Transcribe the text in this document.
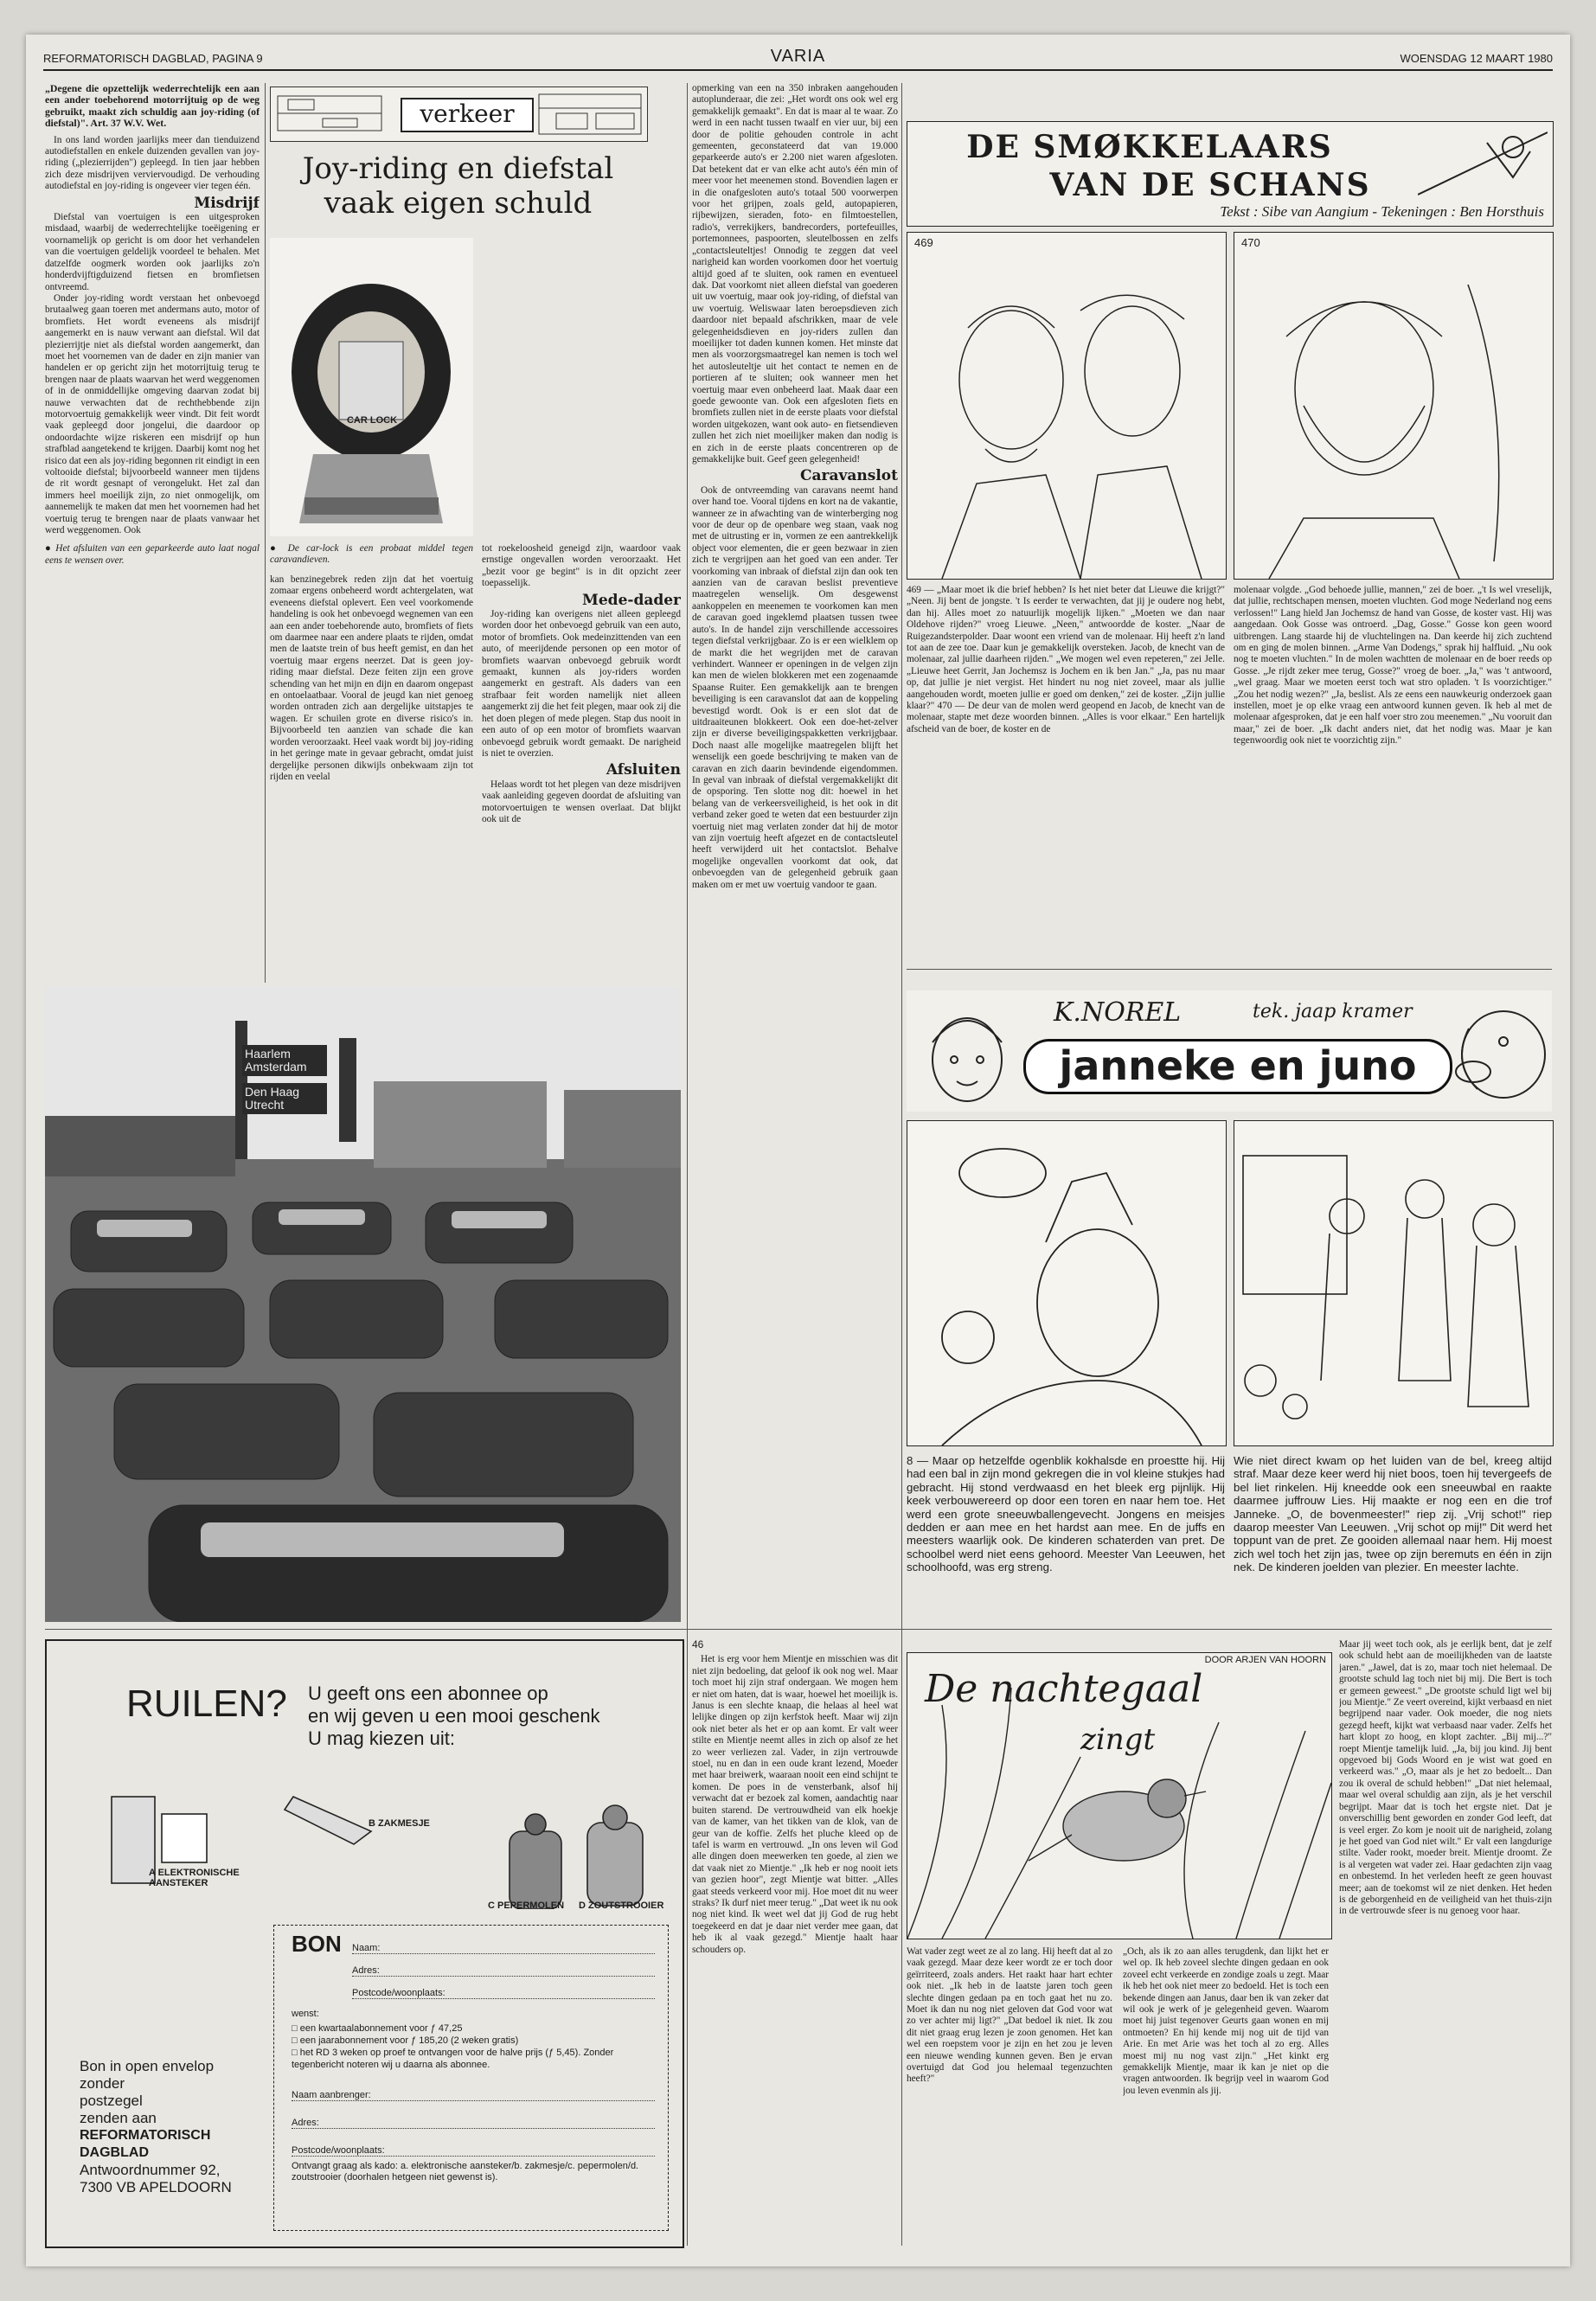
REFORMATORISCH DAGBLAD, PAGINA 9	VARIA	WOENSDAG 12 MAART 1980

„Degene die opzettelijk wederrechtelijk een aan een ander toebehorend motorrijtuig op de weg gebruikt, maakt zich schuldig aan joy-riding (of diefstal)". Art. 37 W.V. Wet.

In ons land worden jaarlijks meer dan tienduizend autodiefstallen en enkele duizenden gevallen van joy-riding („plezierrijden") gepleegd. In tien jaar hebben zich deze misdrijven verviervoudigd. De verhouding autodiefstal en joy-riding is ongeveer vier tegen één.

Misdrijf

Diefstal van voertuigen is een uitgesproken misdaad, waarbij de wederrechtelijke toeëigening er voornamelijk op gericht is om door het verhandelen van die voertuigen geldelijk voordeel te behalen. Met datzelfde oogmerk worden ook jaarlijks zo'n honderdvijftigduizend fietsen en bromfietsen ontvreemd.

Onder joy-riding wordt verstaan het onbevoegd brutaalweg gaan toeren met andermans auto, motor of bromfiets. Het wordt eveneens als misdrijf aangemerkt en is nauw verwant aan diefstal. Wil dat plezierrijtje niet als diefstal worden aangemerkt, dan moet het voornemen van de dader en zijn manier van handelen er op gericht zijn het motorrijtuig terug te brengen naar de plaats waarvan het werd weggenomen of in de onmiddellijke omgeving daarvan zodat bij nauwe verwachten dat de rechthebbende zijn motorvoertuig gemakkelijk weer vindt. Dit feit wordt vaak gepleegd door jongelui, die daardoor op ondoordachte wijze riskeren een misdrijf op hun strafblad aangetekend te krijgen. Daarbij komt nog het risico dat een als joy-riding begonnen rit eindigt in een voltooide diefstal; bijvoorbeeld wanneer men tijdens de rit wordt gesnapt of verongelukt. Het zal dan immers heel moeilijk zijn, zo niet onmogelijk, om aannemelijk te maken dat men het voornemen had het voertuig terug te brengen naar de plaats vanwaar het werd weggenomen. Ook

● Het afsluiten van een geparkeerde auto laat nogal eens te wensen over.

verkeer
Joy-riding en diefstal vaak eigen schuld
CAR LOCK
● De car-lock is een probaat middel tegen caravandieven.

kan benzinegebrek reden zijn dat het voertuig zomaar ergens onbeheerd wordt achtergelaten, wat eveneens diefstal oplevert. Een veel voorkomende handeling is ook het onbevoegd wegnemen van een aan een ander toebehorende auto, bromfiets of fiets om daarmee naar een andere plaats te rijden, omdat men de laatste trein of bus heeft gemist, en dan het voertuig maar ergens neerzet. Dat is geen joy-riding maar diefstal. Deze feiten zijn een grove schending van het mijn en dijn en daarom ongepast en ontoelaatbaar. Vooral de jeugd kan niet genoeg worden ontraden zich aan dergelijke uitstapjes te wagen. Er schuilen grote en diverse risico's in. Bijvoorbeeld ten aanzien van schade die kan worden veroorzaakt. Heel vaak wordt bij joy-riding in het geringe mate in gevaar gebracht, omdat juist dergelijke personen dikwijls onbekwaam zijn tot rijden en veelal

tot roekeloosheid geneigd zijn, waardoor vaak ernstige ongevallen worden veroorzaakt. Het „bezit voor ge begint" is in dit opzicht zeer toepasselijk.

Mede-dader

Joy-riding kan overigens niet alleen gepleegd worden door het onbevoegd gebruik van een auto, motor of bromfiets. Ook medeinzittenden van een auto, of meerijdende personen op een motor of bromfiets waarvan onbevoegd gebruik wordt gemaakt, kunnen als joy-riders worden aangemerkt en gestraft. Als daders van een strafbaar feit worden namelijk niet alleen aangemerkt zij die het feit plegen, maar ook zij die het doen plegen of mede plegen. Stap dus nooit in een auto of op een motor of bromfiets waarvan onbevoegd gebruik wordt gemaakt. De narigheid is niet te overzien.

Afsluiten

Helaas wordt tot het plegen van deze misdrijven vaak aanleiding gegeven doordat de afsluiting van motorvoertuigen te wensen overlaat. Dat blijkt ook uit de

opmerking van een na 350 inbraken aangehouden autoplunderaar, die zei: „Het wordt ons ook wel erg gemakkelijk gemaakt". En dat is maar al te waar. Zo werd in een nacht tussen twaalf en vier uur, bij een door de politie gehouden controle in acht gemeenten, geconstateerd dat van 19.000 geparkeerde auto's er 2.200 niet waren afgesloten. Dat betekent dat er van elke acht auto's één min of meer voor het meenemen stond. Bovendien lagen er in die onafgesloten auto's totaal 500 voorwerpen voor het grijpen, zoals geld, autopapieren, rijbewijzen, sieraden, foto- en filmtoestellen, radio's, verrekijkers, bandrecorders, portefeuilles, portemonnees, paspoorten, sleutelbossen en zelfs „contactsleuteltjes! Onnodig te zeggen dat veel narigheid kan worden voorkomen door het voertuig altijd goed af te sluiten, ook ramen en eventueel dak. Dat voorkomt niet alleen diefstal van goederen uit uw voertuig, maar ook joy-riding, of diefstal van uw voertuig. Weliswaar laten beroepsdieven zich daardoor niet bepaald afschrikken, maar de vele gelegenheidsdieven en joy-riders zullen dan moeilijker tot daden kunnen komen. Het minste dat men als voorzorgsmaatregel kan nemen is toch wel het autosleuteltje uit het contact te nemen en de portieren af te sluiten; ook wanneer men het voertuig maar even onbeheerd laat. Maak daar een goede gewoonte van. Ook een afgesloten fiets en bromfiets zullen niet in de eerste plaats voor diefstal worden uitgekozen, want ook auto- en fietsendieven zullen het zich niet moeilijker maken dan nodig is en zich in de eerste plaats concentreren op de gemakkelijke buit. Geef geen gelegenheid!

Caravanslot

Ook de ontvreemding van caravans neemt hand over hand toe. Vooral tijdens en kort na de vakantie, wanneer ze in afwachting van de winterberging nog voor de deur op de openbare weg staan, vaak nog met de uitrusting er in, vormen ze een aantrekkelijk object voor elementen, die er geen bezwaar in zien zich te vergrijpen aan het goed van een ander. Ter voorkoming van inbraak of diefstal zijn dan ook ten aanzien van de caravan beslist preventieve maatregelen wenselijk. Om desgewenst aankoppelen en meenemen te voorkomen kan men de caravan goed ingeklemd plaatsen tussen twee auto's. In de handel zijn verschillende accessoires tegen diefstal verkrijgbaar. Zo is er een wielklem op de markt die het wegrijden met de caravan verhindert. Wanneer er openingen in de velgen zijn kan men de wielen blokkeren met een zogenaamde Spaanse Ruiter. Een gemakkelijk aan te brengen beveiliging is een caravanslot dat aan de koppeling bevestigd wordt. Ook is er een slot dat de uitdraaiteunen blokkeert. Ook een doe-het-zelver zijn er diverse beveiligingspakketten verkrijgbaar. Doch naast alle mogelijke maatregelen blijft het wenselijk een goede beschrijving te maken van de caravan en zich daarin bevindende eigendommen. In geval van inbraak of diefstal vergemakkelijkt dit de opsporing. Ten slotte nog dit: hoewel in het belang van de verkeersveiligheid, is het ook in dit verband zeker goed te weten dat een bestuurder zijn voertuig niet mag verlaten zonder dat hij de motor van zijn voertuig heeft afgezet en de contactsleutel heeft verwijderd uit het contactslot. Behalve mogelijke ongevallen voorkomt dat ook, dat onbevoegden van de gelegenheid gebruik gaan maken om er met uw voertuig vandoor te gaan.

Haarlem
Amsterdam
Den Haag
Utrecht
DE SMØKKELAARS
VAN DE SCHANS
Tekst : Sibe van Aangium - Tekeningen : Ben Horsthuis
469	470

469 — „Maar moet ik die brief hebben? Is het niet beter dat Lieuwe die krijgt?" „Neen. Jij bent de jongste. 't Is eerder te verwachten, dat jij je oudere nog hebt, dan hij. Alles moet zo natuurlijk mogelijk lijken." „Moeten we dan naar Oldehove rijden?" vroeg Lieuwe. „Neen," antwoordde de koster. „Naar de Ruigezandsterpolder. Daar woont een vriend van de molenaar. Hij heeft z'n land tot aan de zee toe. Daar kun je gemakkelijk oversteken. Jacob, de knecht van de molenaar, zal jullie daarheen rijden." „We mogen wel even repeteren," zei Jelle. „Lieuwe heet Gerrit, Jan Jochemsz is Jochem en ik ben Jan." „Ja, pas nu maar op, dat jullie je niet vergist. Het hindert nu nog niet zoveel, maar als jullie aangehouden wordt, moeten jullie er goed om denken," zei de koster. „Zijn jullie klaar?" 470 — De deur van de molen werd geopend en Jacob, de knecht van de molenaar, stapte met deze woorden binnen. „Alles is voor elkaar." Een hartelijk afscheid van de boer, de koster en de

molenaar volgde. „God behoede jullie, mannen," zei de boer. „'t Is wel vreselijk, dat jullie, rechtschapen mensen, moeten vluchten. God moge Nederland nog eens verlossen!" Lang hield Jan Jochemsz de hand van Gosse, de koster vast. Hij was aangedaan. Ook Gosse was ontroerd. „Dag, Gosse." Gosse kon geen woord uitbrengen. Lang staarde hij de vluchtelingen na. Dan keerde hij zich zuchtend om en ging de molen binnen. „Arme Van Dodengs," sprak hij halfluid. „Nu ook nog te moeten vluchten." In de molen wachtten de molenaar en de boer reeds op Gosse. „Je rijdt zeker mee terug, Gosse?" vroeg de boer. „Ja," was 't antwoord, „wel graag. Maar we moeten eerst toch wat stro opladen. 't Is voorzichtiger." „Zou het nodig wezen?" „Ja, beslist. Als ze eens een nauwkeurig onderzoek gaan instellen, moet je op elke vraag een antwoord kunnen geven. Ik heb al met de molenaar afgesproken, dat je een half voer stro zou meenemen." „Nu vooruit dan maar," zei de boer. „Ik dacht anders niet, dat het nodig was. Maar je kan tegenwoordig ook niet te voorzichtig zijn."

K.NOREL	tek. jaap kramer
janneke en juno

8 — Maar op hetzelfde ogenblik kokhalsde en proestte hij. Hij had een bal in zijn mond gekregen die in vol kleine stukjes had gebracht. Hij stond verdwaasd en het bleek erg pijnlijk. Hij keek verbouwereerd op door een toren en naar hem toe. Het werd een grote sneeuwballengevecht. Jongens en meisjes dedden er aan mee en het hardst aan mee. En de juffs en meesters waarlijk ook. De kinderen schaterden van pret. De schoolbel werd niet eens gehoord. Meester Van Leeuwen, het schoolhoofd, was erg streng.

Wie niet direct kwam op het luiden van de bel, kreeg altijd straf. Maar deze keer werd hij niet boos, toen hij tevergeefs de bel liet rinkelen. Hij kneedde ook een sneeuwbal en raakte daarmee juffrouw Lies. Hij maakte er nog een en die trof Janneke. „O, de bovenmeester!" riep zij. „Vrij schot!" riep daarop meester Van Leeuwen. „Vrij schot op mij!" Dit werd het toppunt van de pret. Ze gooiden allemaal naar hem. Hij moest zich wel toch het zijn jas, twee op zijn beremuts en één in zijn nek. De kinderen joelden van plezier. En meester lachte.

RUILEN? U geeft ons een abonnee op
en wij geven u een mooi geschenk
U mag kiezen uit:
A ELEKTRONISCHE AANSTEKER
B ZAKMESJE
C PEPERMOLEN D ZOUTSTROOIER
BON Naam:
Adres:
Postcode/woonplaats:
wenst:
□ een kwartaalabonnement voor ƒ 47,25
□ een jaarabonnement voor ƒ 185,20 (2 weken gratis)
□ het RD 3 weken op proef te ontvangen voor de halve prijs (ƒ 5,45). Zonder tegenbericht noteren wij u daarna als abonnee.
Naam aanbrenger:
Adres:
Postcode/woonplaats:
Ontvangt graag als kado: a. elektronische aansteker/b. zakmesje/c. pepermolen/d. zoutstrooier (doorhalen hetgeen niet gewenst is).
Bon in open envelop
zonder
postzegel
zenden aan
REFORMATORISCH DAGBLAD
Antwoordnummer 92,
7300 VB APELDOORN
46

Het is erg voor hem Mientje en misschien was dit niet zijn bedoeling, dat geloof ik ook nog wel. Maar toch moet hij zijn straf ondergaan. We mogen hem er niet om haten, dat is waar, hoewel het moeilijk is. Janus is een slechte knaap, die helaas al heel wat lelijke dingen op zijn kerfstok heeft. Maar wij zijn ook niet beter als het er op aan komt. Er valt weer stilte en Mientje neemt alles in zich op alsof ze het zo weer verliezen zal. Vader, in zijn vertrouwde stoel, nu en dan in een oude krant lezend, Moeder met haar breiwerk, waaraan nooit een eind schijnt te komen. De poes in de vensterbank, alsof hij verwacht dat er bezoek zal komen, aandachtig naar buiten starend. De vertrouwdheid van elk hoekje van de kamer, van het tikken van de klok, van de geur van de koffie. Zelfs het pluche kleed op de tafel is warm en vertrouwd. „In ons leven wil God alle dingen doen meewerken ten goede, al zien we dat vaak niet zo Mientje." „Ik heb er nog nooit iets van gezien hoor", zegt Mientje wat bitter. „Alles gaat steeds verkeerd voor mij. Hoe moet dit nu weer straks? Ik durf niet meer terug." „Dat weet ik nu ook nog niet kind. Ik weet wel dat jij God de rug hebt toegekeerd en dat je daar niet verder mee gaan, dat heb ik al vaak gezegd." Mientje haalt haar schouders op.

De nachtegaal
zingt
DOOR ARJEN VAN HOORN

Wat vader zegt weet ze al zo lang. Hij heeft dat al zo vaak gezegd. Maar deze keer wordt ze er toch door geïrriteerd, zoals anders. Het raakt haar hart echter ook niet. „Ik heb in de laatste jaren toch geen slechte dingen gedaan pa en toch gaat het nu zo. Moet ik dan nu nog niet geloven dat God voor wat zo ver achter mij ligt?" „Dat bedoel ik niet. Ik zou dit niet graag erug lezen je zoon genomen. Het kan wel een roepstem voor je zijn en het zou je leven een nieuwe wending kunnen geven. Ben je ervan overtuigd dat God jou helemaal tegenzuchten heeft?"

„Och, als ik zo aan alles terugdenk, dan lijkt het er wel op. Ik heb zoveel slechte dingen gedaan en ook zoveel echt verkeerde en zondige zoals u zegt. Maar ik heb het ook niet meer zo bedoeld. Het is toch een bekende dingen aan Janus, daar ben ik van zeker dat wil ook je werk of je gelegenheid geven. Waarom moet hij juist tegenover Geurts gaan wonen en mij ontmoeten? En hij kende mij nog uit de tijd van Arie. En met Arie was het toch al zo erg. Alles moest mij nu nog vast zijn." „Het kinkt erg gemakkelijk Mientje, maar ik kan je niet op die vragen antwoorden. Ik begrijp veel in waarom God jou leven evenmin als jij.

Maar jij weet toch ook, als je eerlijk bent, dat je zelf ook schuld hebt aan de moeilijkheden van de laatste jaren." „Jawel, dat is zo, maar toch niet helemaal. De grootste schuld lag toch niet bij mij. Die Bert is toch er gemeen geweest." „De grootste schuld ligt wel bij jou Mientje." Ze veert overeind, kijkt verbaasd en niet begrijpend naar vader. Ook moeder, die nog niets gezegd heeft, kijkt wat verbaasd naar vader. Zelfs het hart klopt zo hoog, en klopt zachter. „Bij mij...?" roept Mientje tamelijk luid. „Ja, bij jou kind. Jij bent opgevoed bij Gods Woord en je wist wat goed en verkeerd was." „O, maar als je het zo bedoelt... Dan zou ik overal de schuld hebben!" „Dat niet helemaal, maar wel overal schuldig aan zijn, als je het verschil begrijpt. Maar dat is toch het ergste niet. Dat je onverschillig bent geworden en zonder God leeft, dat is veel erger. Zo kom je nooit uit de narigheid, zolang je het goed van God niet wilt." Er valt een langdurige stilte. Vader rookt, moeder breit. Mientje droomt. Ze is al vergeten wat vader zei. Haar gedachten zijn vaag en onbestemd. In het verleden heeft ze geen houvast meer; aan de toekomst wil ze niet denken. Het heden is de geborgenheid en de veiligheid van het thuis-zijn in de vertrouwde sfeer is nu genoeg voor haar.
